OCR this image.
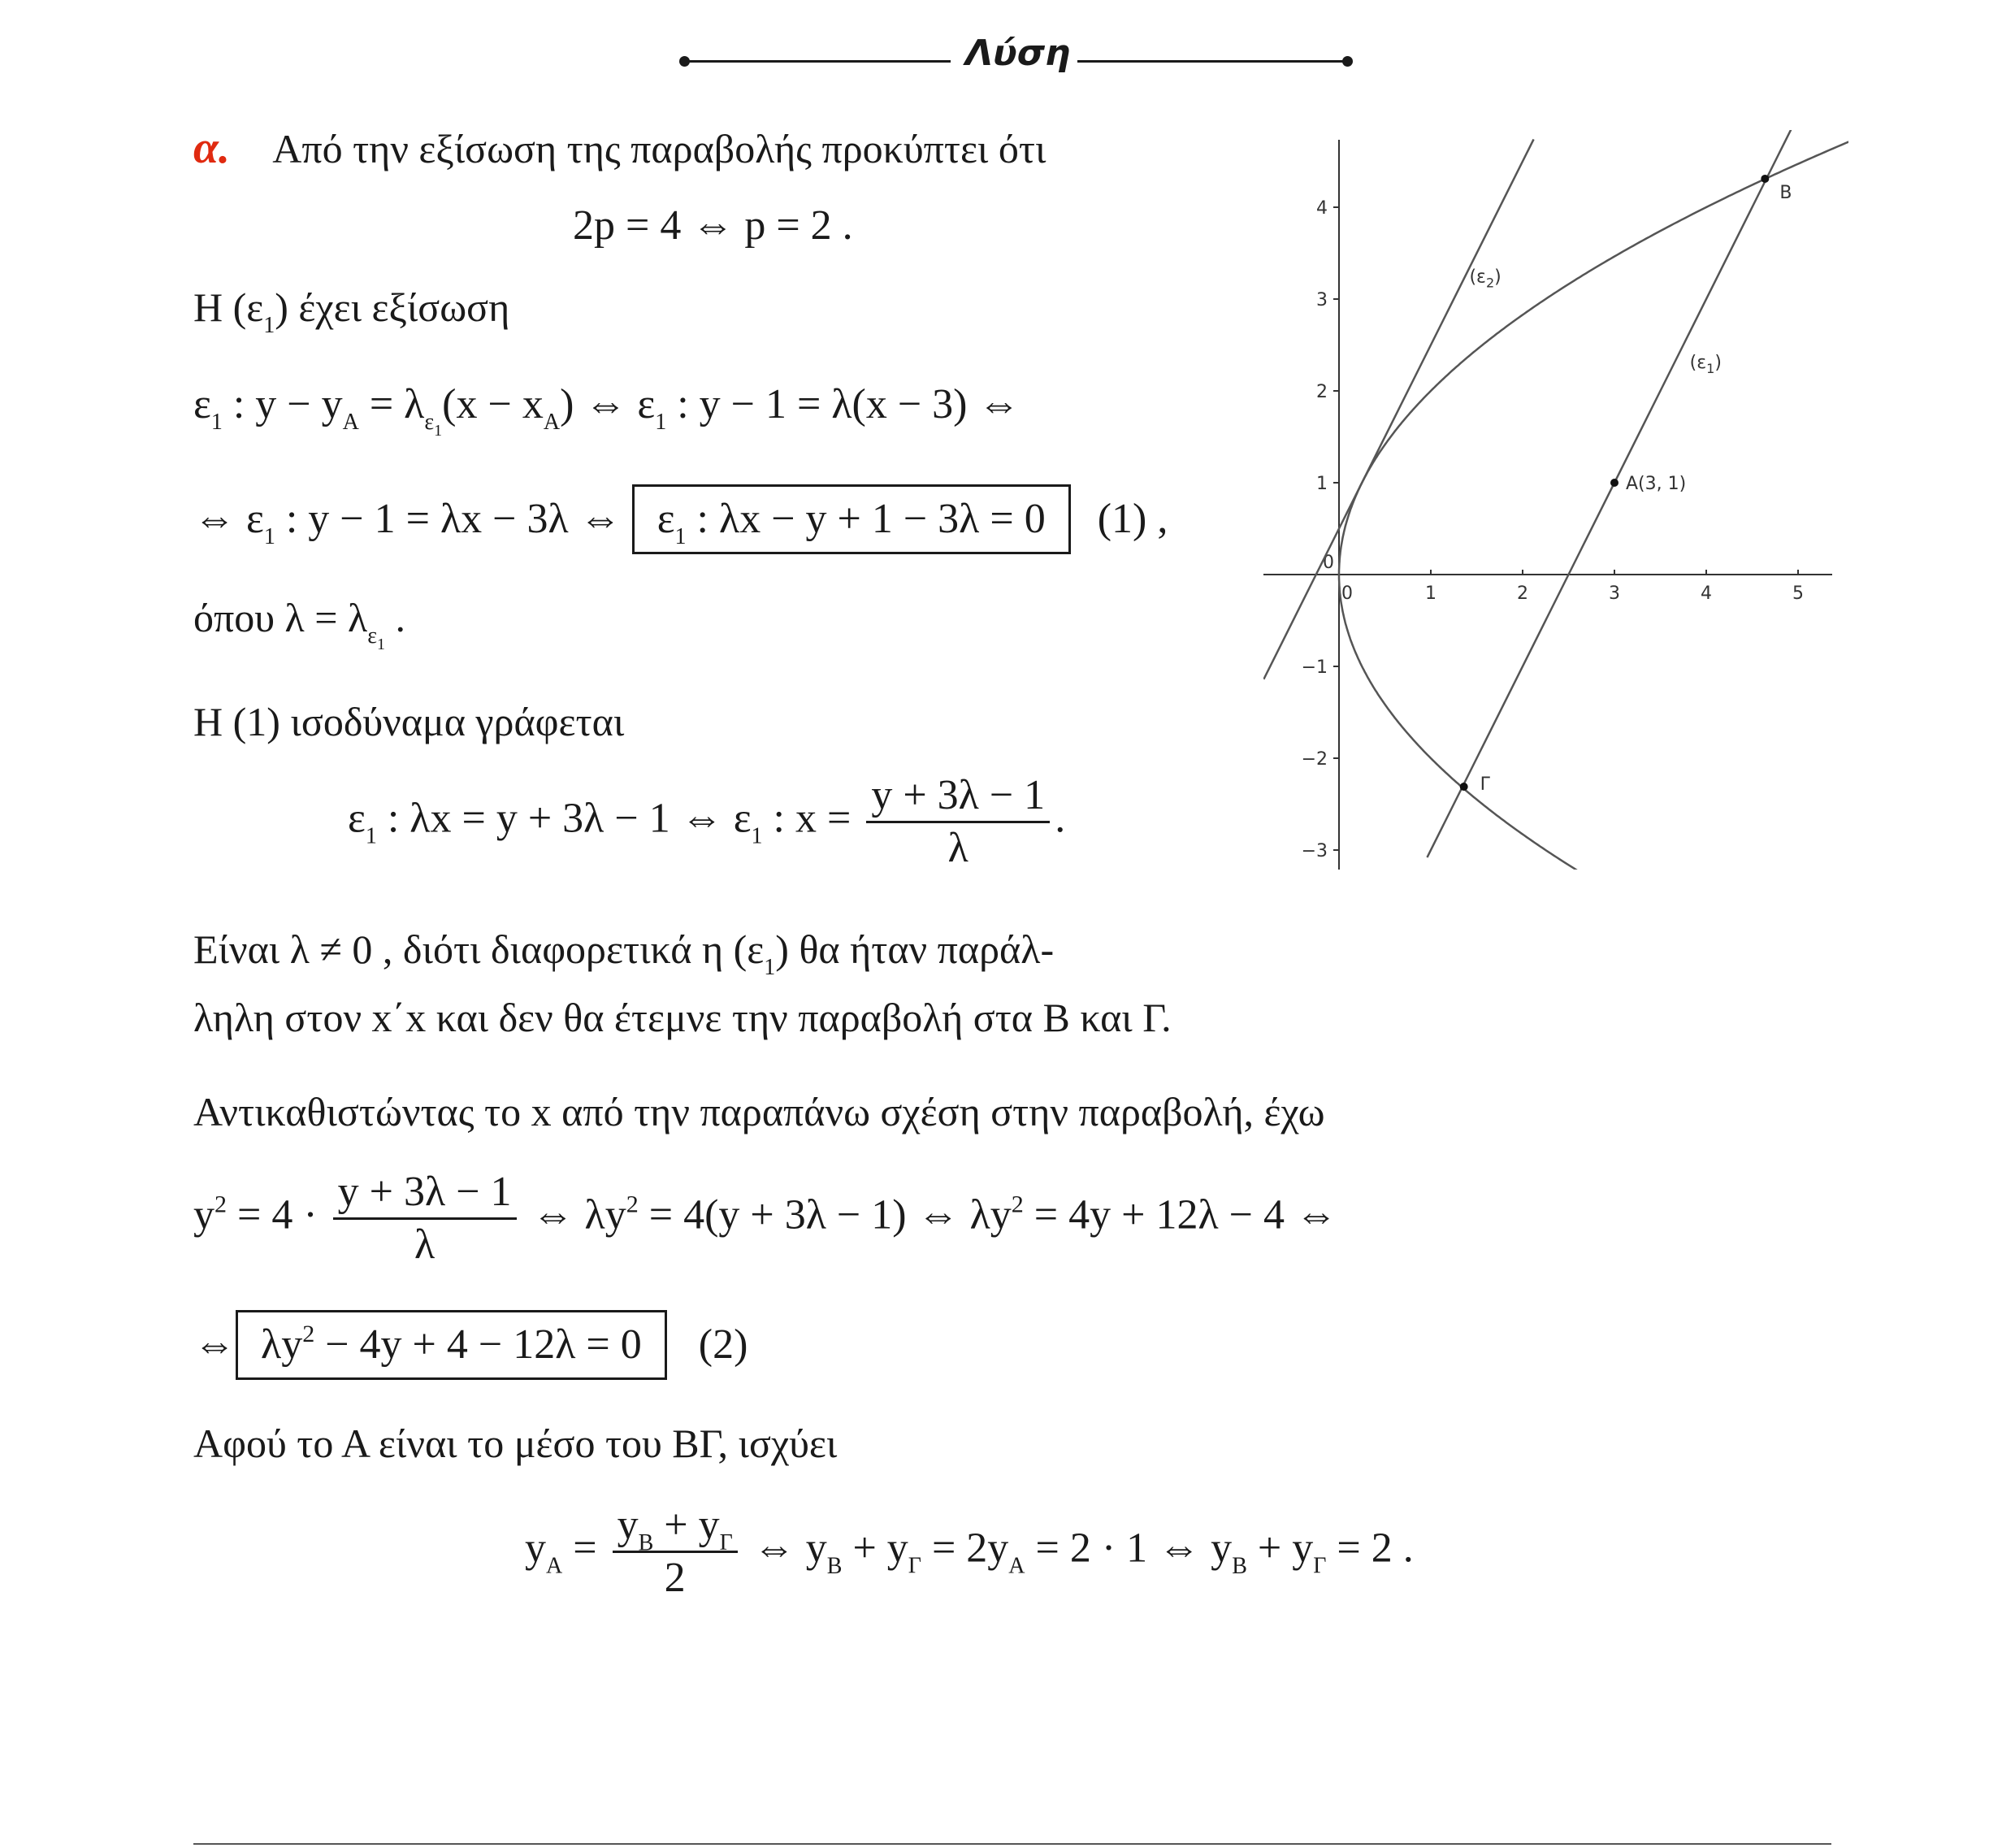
Λύση
α. Από την εξίσωση της παραβολής προκύπτει ότι
2p = 4 ⇔ p = 2 .
Η $(\varepsilon_1)$ έχει εξίσωση
$\varepsilon_1$ : $y - y_A = \lambda_{\varepsilon_1}(x - x_A)$ ⇔ $\varepsilon_1$ : y − 1 = λ(x − 3) ⇔
⇔ $\varepsilon_1$ : y − 1 = λx − 3λ ⇔ $\varepsilon_1$ : λx − y + 1 − 3λ = 0 (1) ,
όπου $\lambda = \lambda_{\varepsilon_1}$ .
Η (1) ισοδύναμα γράφεται
$\varepsilon_1$ : λx = y + 3λ − 1 ⇔ $\varepsilon_1$ : $x = \frac{y + 3\lambda - 1}{\lambda}$ .
Είναι λ ≠ 0 , διότι διαφορετικά η $(\varepsilon_1)$ θα ήταν παράλ-
ληλη στον x΄x και δεν θα έτεμνε την παραβολή στα Β και Γ.
Αντικαθιστώντας το x από την παραπάνω σχέση στην παραβολή, έχω
$y^2 = 4 \cdot \frac{y + 3\lambda - 1}{\lambda}$ ⇔ $\lambda y^2 = 4(y + 3\lambda - 1)$ ⇔ $\lambda y^2 = 4y + 12\lambda - 4$ ⇔
⇔ $\lambda y^2 - 4y + 4 - 12\lambda = 0$ (2)
Αφού το Α είναι το μέσο του ΒΓ, ισχύει
$y_A = \frac{y_B + y_\Gamma}{2}$ ⇔ $y_B + y_\Gamma = 2y_A = 2 \cdot 1$ ⇔ $y_B + y_\Gamma = 2$ .
0	1	2	3	4	5
4
3
2
1
0
−1
−2
−3
A(3, 1)
B
Γ
$(\varepsilon_2)$
$(\varepsilon_1)$
